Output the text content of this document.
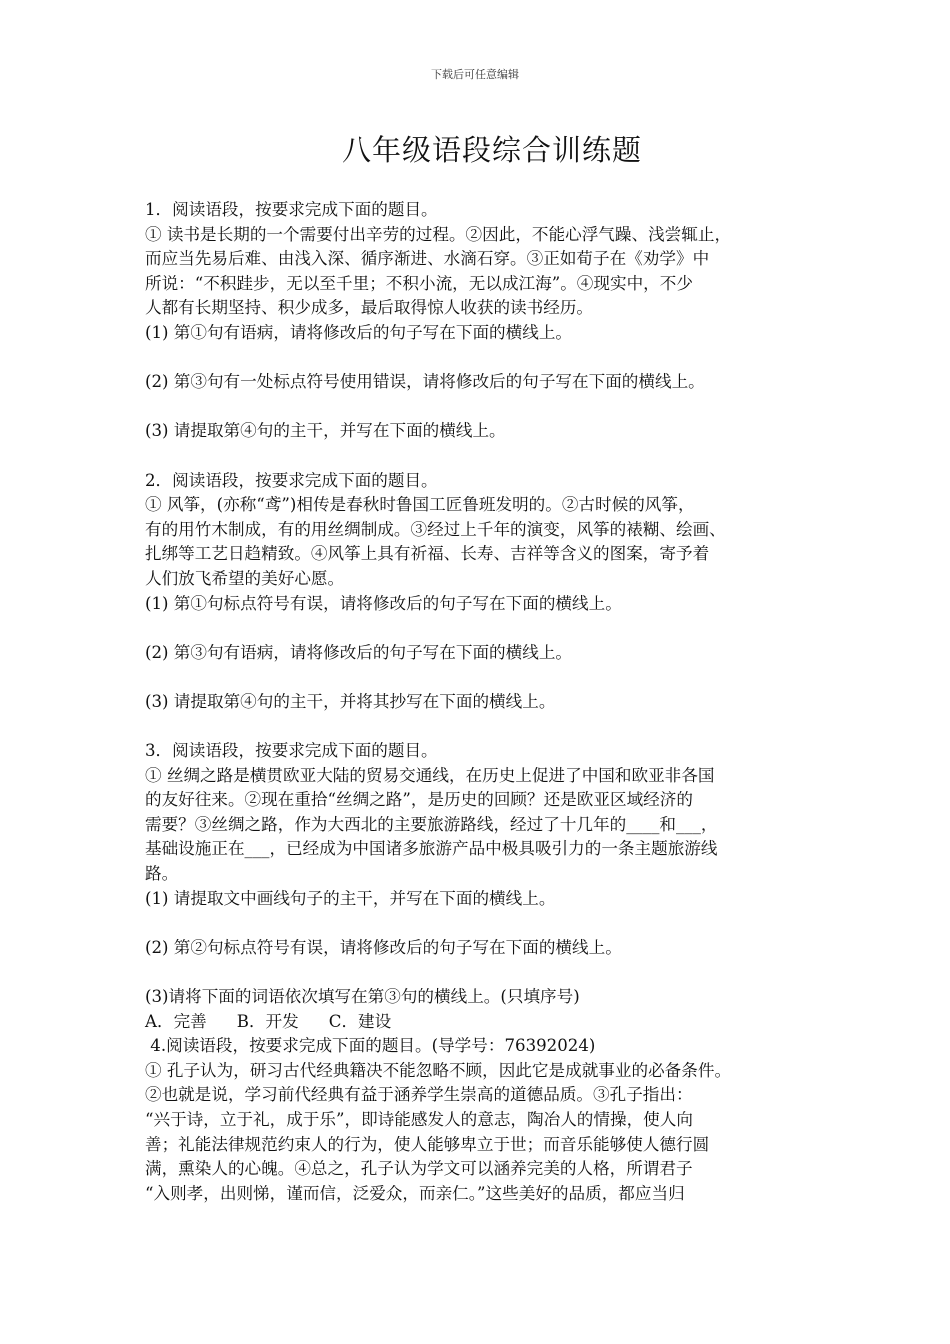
下载后可任意编辑
八年级语段综合训练题

1．阅读语段，按要求完成下面的题目。

① 读书是长期的一个需要付出辛劳的过程。②因此，不能心浮气躁、浅尝辄止，

而应当先易后难、由浅入深、循序渐进、水滴石穿。③正如荀子在《劝学》中

所说：“不积跬步，无以至千里；不积小流，无以成江海”。④现实中，不少

人都有长期坚持、积少成多，最后取得惊人收获的读书经历。

(1) 第①句有语病，请将修改后的句子写在下面的横线上。

(2) 第③句有一处标点符号使用错误，请将修改后的句子写在下面的横线上。

(3) 请提取第④句的主干，并写在下面的横线上。

2．阅读语段，按要求完成下面的题目。

① 风筝，(亦称“鸢”)相传是春秋时鲁国工匠鲁班发明的。②古时候的风筝，

有的用竹木制成，有的用丝绸制成。③经过上千年的演变，风筝的裱糊、绘画、

扎绑等工艺日趋精致。④风筝上具有祈福、长寿、吉祥等含义的图案，寄予着

人们放飞希望的美好心愿。

(1) 第①句标点符号有误，请将修改后的句子写在下面的横线上。

(2) 第③句有语病，请将修改后的句子写在下面的横线上。

(3) 请提取第④句的主干，并将其抄写在下面的横线上。

3．阅读语段，按要求完成下面的题目。

① 丝绸之路是横贯欧亚大陆的贸易交通线，在历史上促进了中国和欧亚非各国

的友好往来。②现在重拾“丝绸之路”，是历史的回顾？还是欧亚区域经济的

需要？③丝绸之路，作为大西北的主要旅游路线，经过了十几年的____和___，

基础设施正在___，已经成为中国诸多旅游产品中极具吸引力的一条主题旅游线

路。

(1) 请提取文中画线句子的主干，并写在下面的横线上。

(2) 第②句标点符号有误，请将修改后的句子写在下面的横线上。

(3)请将下面的词语依次填写在第③句的横线上。(只填序号)

A．完善 B．开发 C．建设

4.阅读语段，按要求完成下面的题目。(导学号：76392024)

① 孔子认为，研习古代经典籍决不能忽略不顾，因此它是成就事业的必备条件。

②也就是说，学习前代经典有益于涵养学生崇高的道德品质。③孔子指出：

“兴于诗，立于礼，成于乐”，即诗能感发人的意志，陶冶人的情操，使人向

善；礼能法律规范约束人的行为，使人能够卑立于世；而音乐能够使人德行圆

满，熏染人的心魄。④总之，孔子认为学文可以涵养完美的人格，所谓君子

“入则孝，出则悌，谨而信，泛爱众，而亲仁。”这些美好的品质，都应当归
